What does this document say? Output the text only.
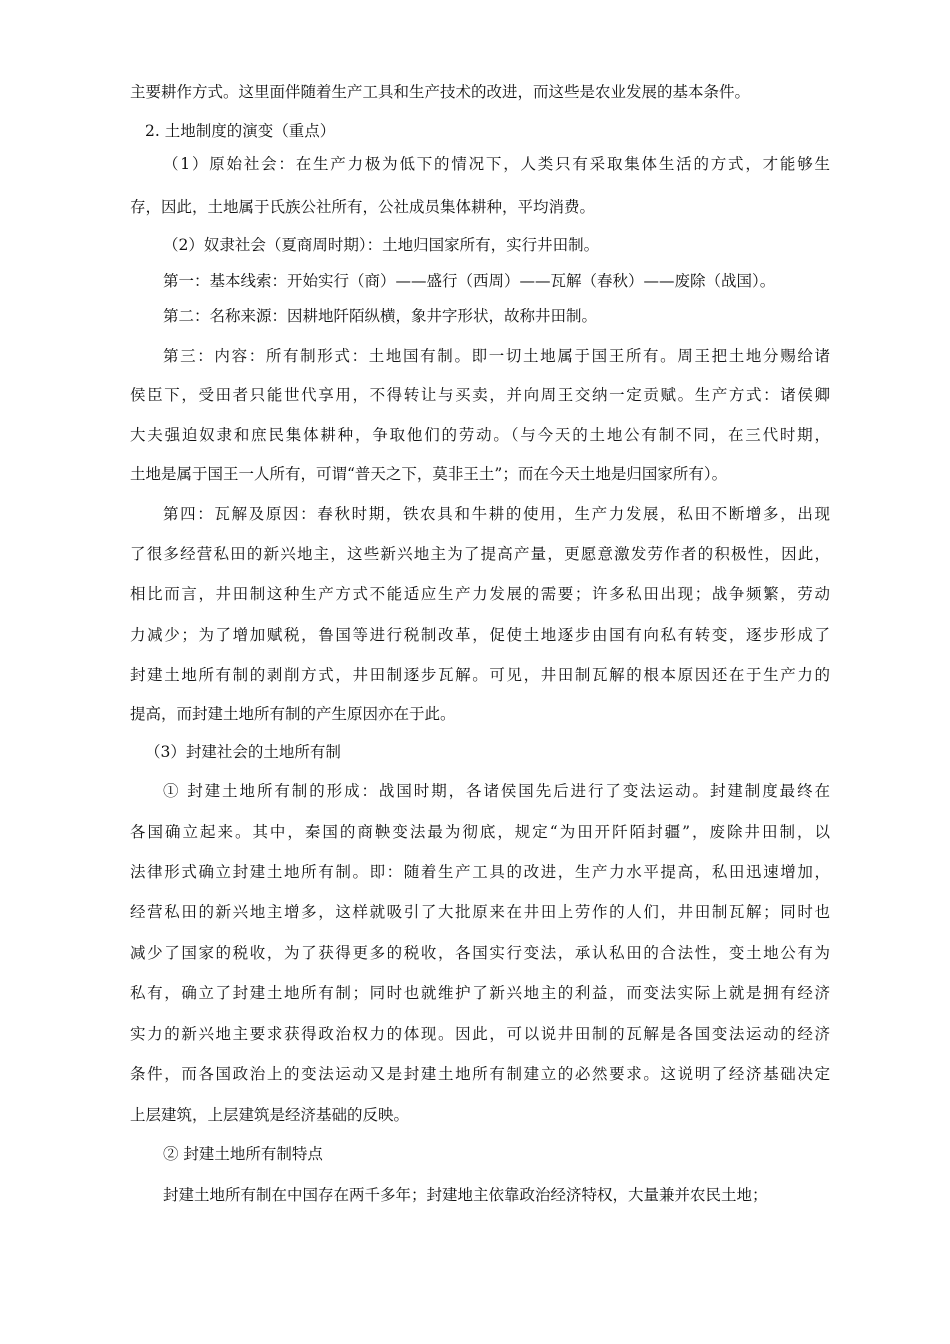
主要耕作方式。这里面伴随着生产工具和生产技术的改进，而这些是农业发展的基本条件。
2. 土地制度的演变（重点）
（1）原始社会：在生产力极为低下的情况下，人类只有采取集体生活的方式，才能够生
存，因此，土地属于氏族公社所有，公社成员集体耕种，平均消费。
（2）奴隶社会（夏商周时期）：土地归国家所有，实行井田制。
第一：基本线索：开始实行（商）——盛行（西周）——瓦解（春秋）——废除（战国）。
第二：名称来源：因耕地阡陌纵横，象井字形状，故称井田制。
第三：内容：所有制形式：土地国有制。即一切土地属于国王所有。周王把土地分赐给诸
侯臣下，受田者只能世代享用，不得转让与买卖，并向周王交纳一定贡赋。生产方式：诸侯卿
大夫强迫奴隶和庶民集体耕种，争取他们的劳动。（与今天的土地公有制不同，在三代时期，
土地是属于国王一人所有，可谓“普天之下，莫非王土”；而在今天土地是归国家所有）。
第四：瓦解及原因：春秋时期，铁农具和牛耕的使用，生产力发展，私田不断增多，出现
了很多经营私田的新兴地主，这些新兴地主为了提高产量，更愿意激发劳作者的积极性，因此，
相比而言，井田制这种生产方式不能适应生产力发展的需要；许多私田出现；战争频繁，劳动
力减少；为了增加赋税，鲁国等进行税制改革，促使土地逐步由国有向私有转变，逐步形成了
封建土地所有制的剥削方式，井田制逐步瓦解。可见，井田制瓦解的根本原因还在于生产力的
提高，而封建土地所有制的产生原因亦在于此。
（3）封建社会的土地所有制
① 封建土地所有制的形成：战国时期，各诸侯国先后进行了变法运动。封建制度最终在
各国确立起来。其中，秦国的商鞅变法最为彻底，规定“为田开阡陌封疆”，废除井田制，以
法律形式确立封建土地所有制。即：随着生产工具的改进，生产力水平提高，私田迅速增加，
经营私田的新兴地主增多，这样就吸引了大批原来在井田上劳作的人们，井田制瓦解；同时也
减少了国家的税收，为了获得更多的税收，各国实行变法，承认私田的合法性，变土地公有为
私有，确立了封建土地所有制；同时也就维护了新兴地主的利益，而变法实际上就是拥有经济
实力的新兴地主要求获得政治权力的体现。因此，可以说井田制的瓦解是各国变法运动的经济
条件，而各国政治上的变法运动又是封建土地所有制建立的必然要求。这说明了经济基础决定
上层建筑，上层建筑是经济基础的反映。
② 封建土地所有制特点
封建土地所有制在中国存在两千多年；封建地主依靠政治经济特权，大量兼并农民土地；
